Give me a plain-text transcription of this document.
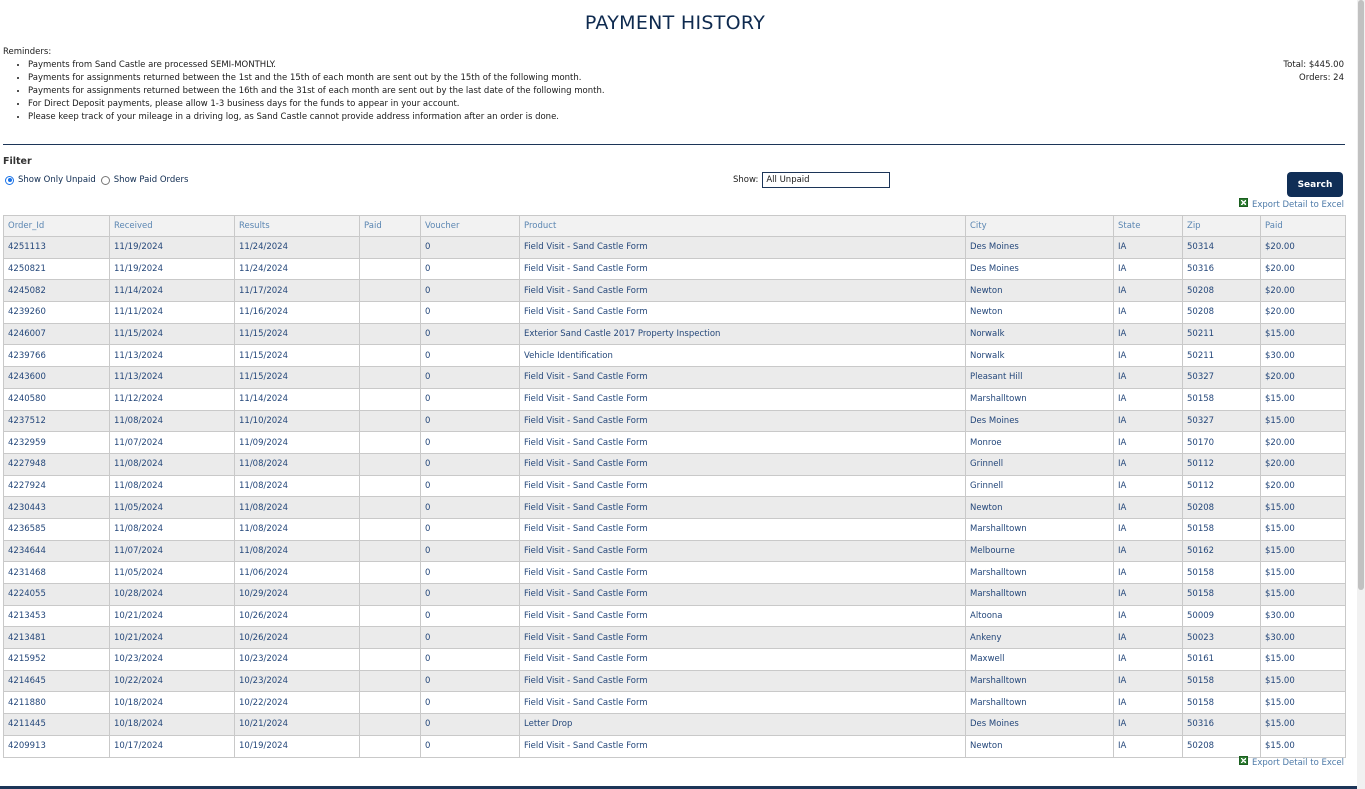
PAYMENT HISTORY
Reminders:
• Payments from Sand Castle are processed SEMI-MONTHLY.
• Payments for assignments returned between the 1st and the 15th of each month are sent out by the 15th of the following month.
• Payments for assignments returned between the 16th and the 31st of each month are sent out by the last date of the following month.
• For Direct Deposit payments, please allow 1-3 business days for the funds to appear in your account.
• Please keep track of your mileage in a driving log, as Sand Castle cannot provide address information after an order is done.
Total: $445.00
Orders: 24
Filter
Show Only Unpaid Show Paid Orders	Show:
All Unpaid	Search
Export Detail to Excel
Order_Id	Received	Results	Paid	Voucher	Product	City	State	Zip	Paid
4251113	11/19/2024	11/24/2024		0	Field Visit - Sand Castle Form	Des Moines	IA	50314	$20.00
4250821	11/19/2024	11/24/2024		0	Field Visit - Sand Castle Form	Des Moines	IA	50316	$20.00
4245082	11/14/2024	11/17/2024		0	Field Visit - Sand Castle Form	Newton	IA	50208	$20.00
4239260	11/11/2024	11/16/2024		0	Field Visit - Sand Castle Form	Newton	IA	50208	$20.00
4246007	11/15/2024	11/15/2024		0	Exterior Sand Castle 2017 Property Inspection	Norwalk	IA	50211	$15.00
4239766	11/13/2024	11/15/2024		0	Vehicle Identification	Norwalk	IA	50211	$30.00
4243600	11/13/2024	11/15/2024		0	Field Visit - Sand Castle Form	Pleasant Hill	IA	50327	$20.00
4240580	11/12/2024	11/14/2024		0	Field Visit - Sand Castle Form	Marshalltown	IA	50158	$15.00
4237512	11/08/2024	11/10/2024		0	Field Visit - Sand Castle Form	Des Moines	IA	50327	$15.00
4232959	11/07/2024	11/09/2024		0	Field Visit - Sand Castle Form	Monroe	IA	50170	$20.00
4227948	11/08/2024	11/08/2024		0	Field Visit - Sand Castle Form	Grinnell	IA	50112	$20.00
4227924	11/08/2024	11/08/2024		0	Field Visit - Sand Castle Form	Grinnell	IA	50112	$20.00
4230443	11/05/2024	11/08/2024		0	Field Visit - Sand Castle Form	Newton	IA	50208	$15.00
4236585	11/08/2024	11/08/2024		0	Field Visit - Sand Castle Form	Marshalltown	IA	50158	$15.00
4234644	11/07/2024	11/08/2024		0	Field Visit - Sand Castle Form	Melbourne	IA	50162	$15.00
4231468	11/05/2024	11/06/2024		0	Field Visit - Sand Castle Form	Marshalltown	IA	50158	$15.00
4224055	10/28/2024	10/29/2024		0	Field Visit - Sand Castle Form	Marshalltown	IA	50158	$15.00
4213453	10/21/2024	10/26/2024		0	Field Visit - Sand Castle Form	Altoona	IA	50009	$30.00
4213481	10/21/2024	10/26/2024		0	Field Visit - Sand Castle Form	Ankeny	IA	50023	$30.00
4215952	10/23/2024	10/23/2024		0	Field Visit - Sand Castle Form	Maxwell	IA	50161	$15.00
4214645	10/22/2024	10/23/2024		0	Field Visit - Sand Castle Form	Marshalltown	IA	50158	$15.00
4211880	10/18/2024	10/22/2024		0	Field Visit - Sand Castle Form	Marshalltown	IA	50158	$15.00
4211445	10/18/2024	10/21/2024		0	Letter Drop	Des Moines	IA	50316	$15.00
4209913	10/17/2024	10/19/2024		0	Field Visit - Sand Castle Form	Newton	IA	50208	$15.00
Export Detail to Excel
